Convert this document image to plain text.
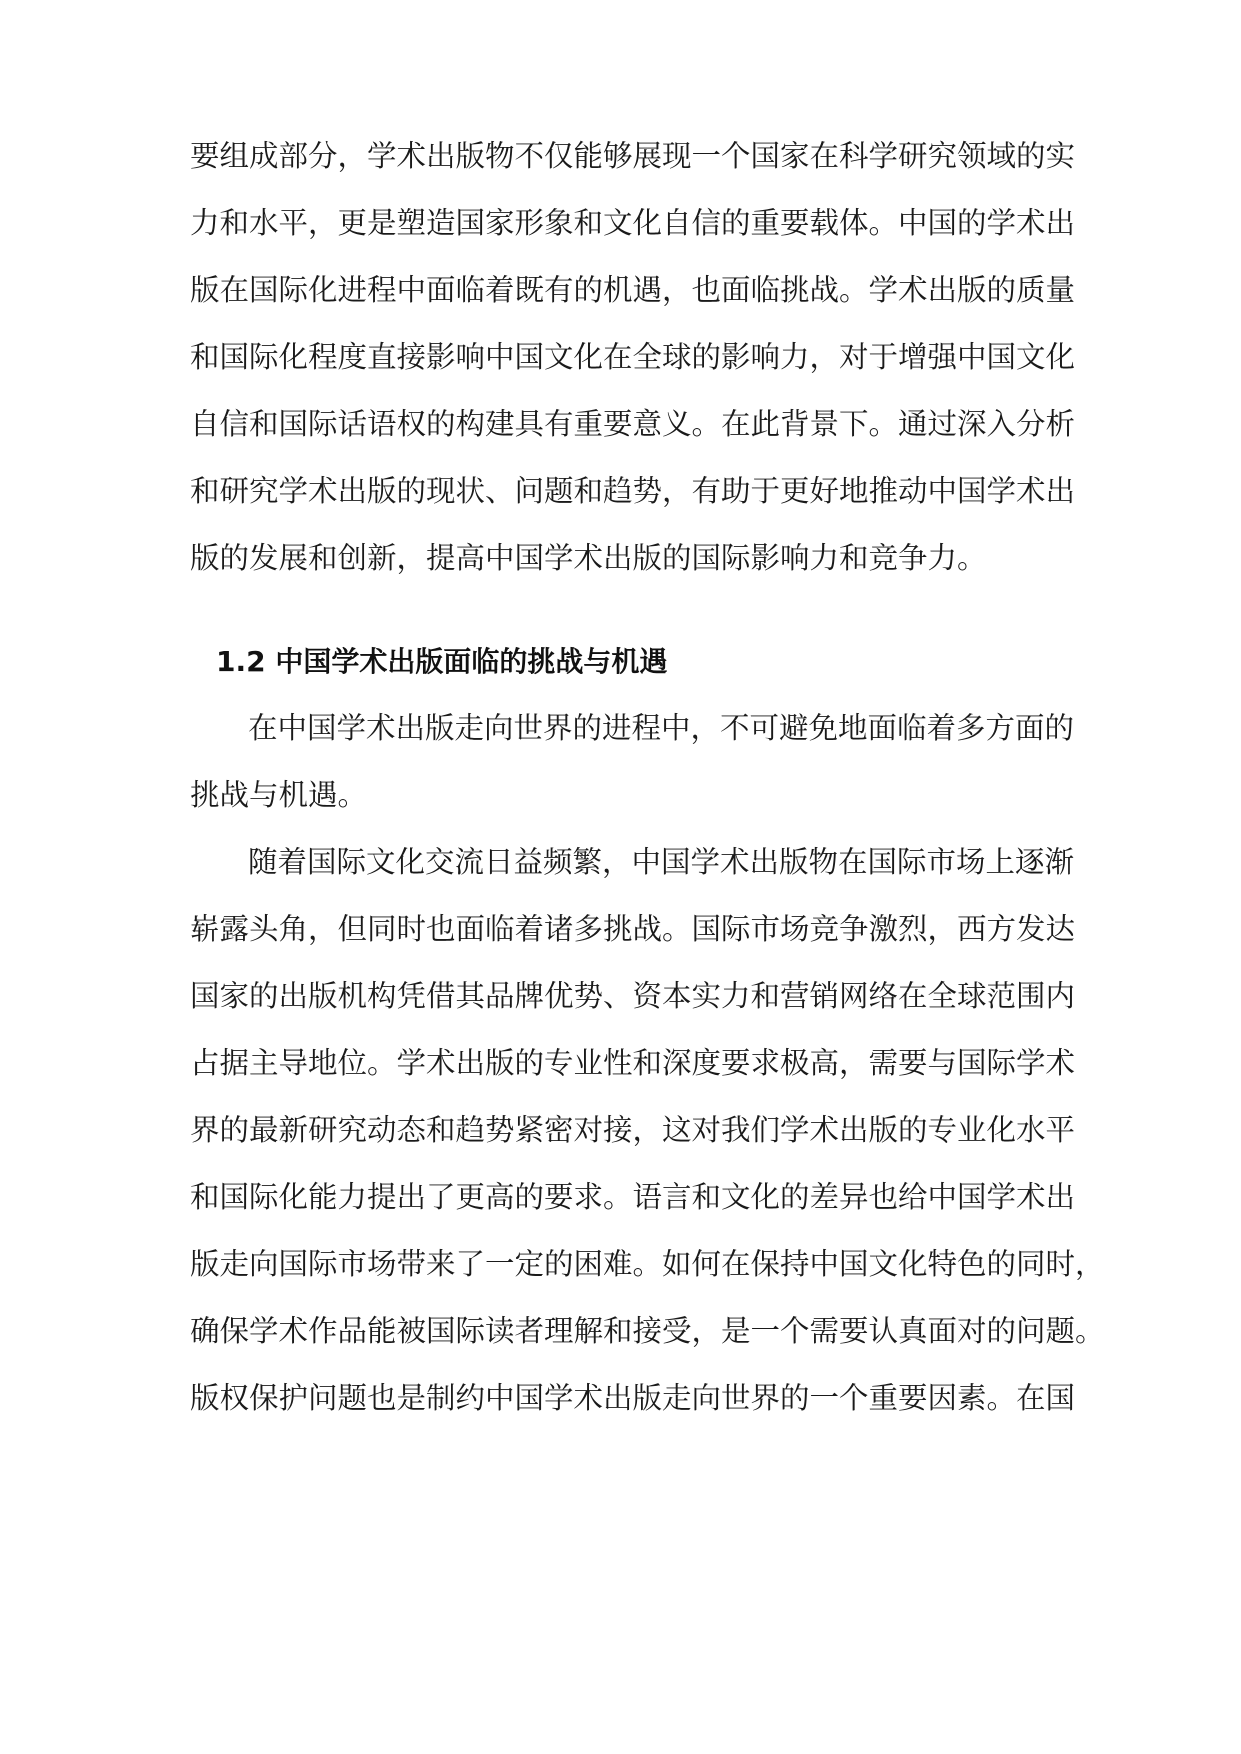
要组成部分，学术出版物不仅能够展现一个国家在科学研究领域的实
力和水平，更是塑造国家形象和文化自信的重要载体。中国的学术出
版在国际化进程中面临着既有的机遇，也面临挑战。学术出版的质量
和国际化程度直接影响中国文化在全球的影响力，对于增强中国文化
自信和国际话语权的构建具有重要意义。在此背景下。通过深入分析
和研究学术出版的现状、问题和趋势，有助于更好地推动中国学术出
版的发展和创新，提高中国学术出版的国际影响力和竞争力。
1.2 中国学术出版面临的挑战与机遇
在中国学术出版走向世界的进程中，不可避免地面临着多方面的
挑战与机遇。
随着国际文化交流日益频繁，中国学术出版物在国际市场上逐渐
崭露头角，但同时也面临着诸多挑战。国际市场竞争激烈，西方发达
国家的出版机构凭借其品牌优势、资本实力和营销网络在全球范围内
占据主导地位。学术出版的专业性和深度要求极高，需要与国际学术
界的最新研究动态和趋势紧密对接，这对我们学术出版的专业化水平
和国际化能力提出了更高的要求。语言和文化的差异也给中国学术出
版走向国际市场带来了一定的困难。如何在保持中国文化特色的同时，
确保学术作品能被国际读者理解和接受，是一个需要认真面对的问题。
版权保护问题也是制约中国学术出版走向世界的一个重要因素。在国
